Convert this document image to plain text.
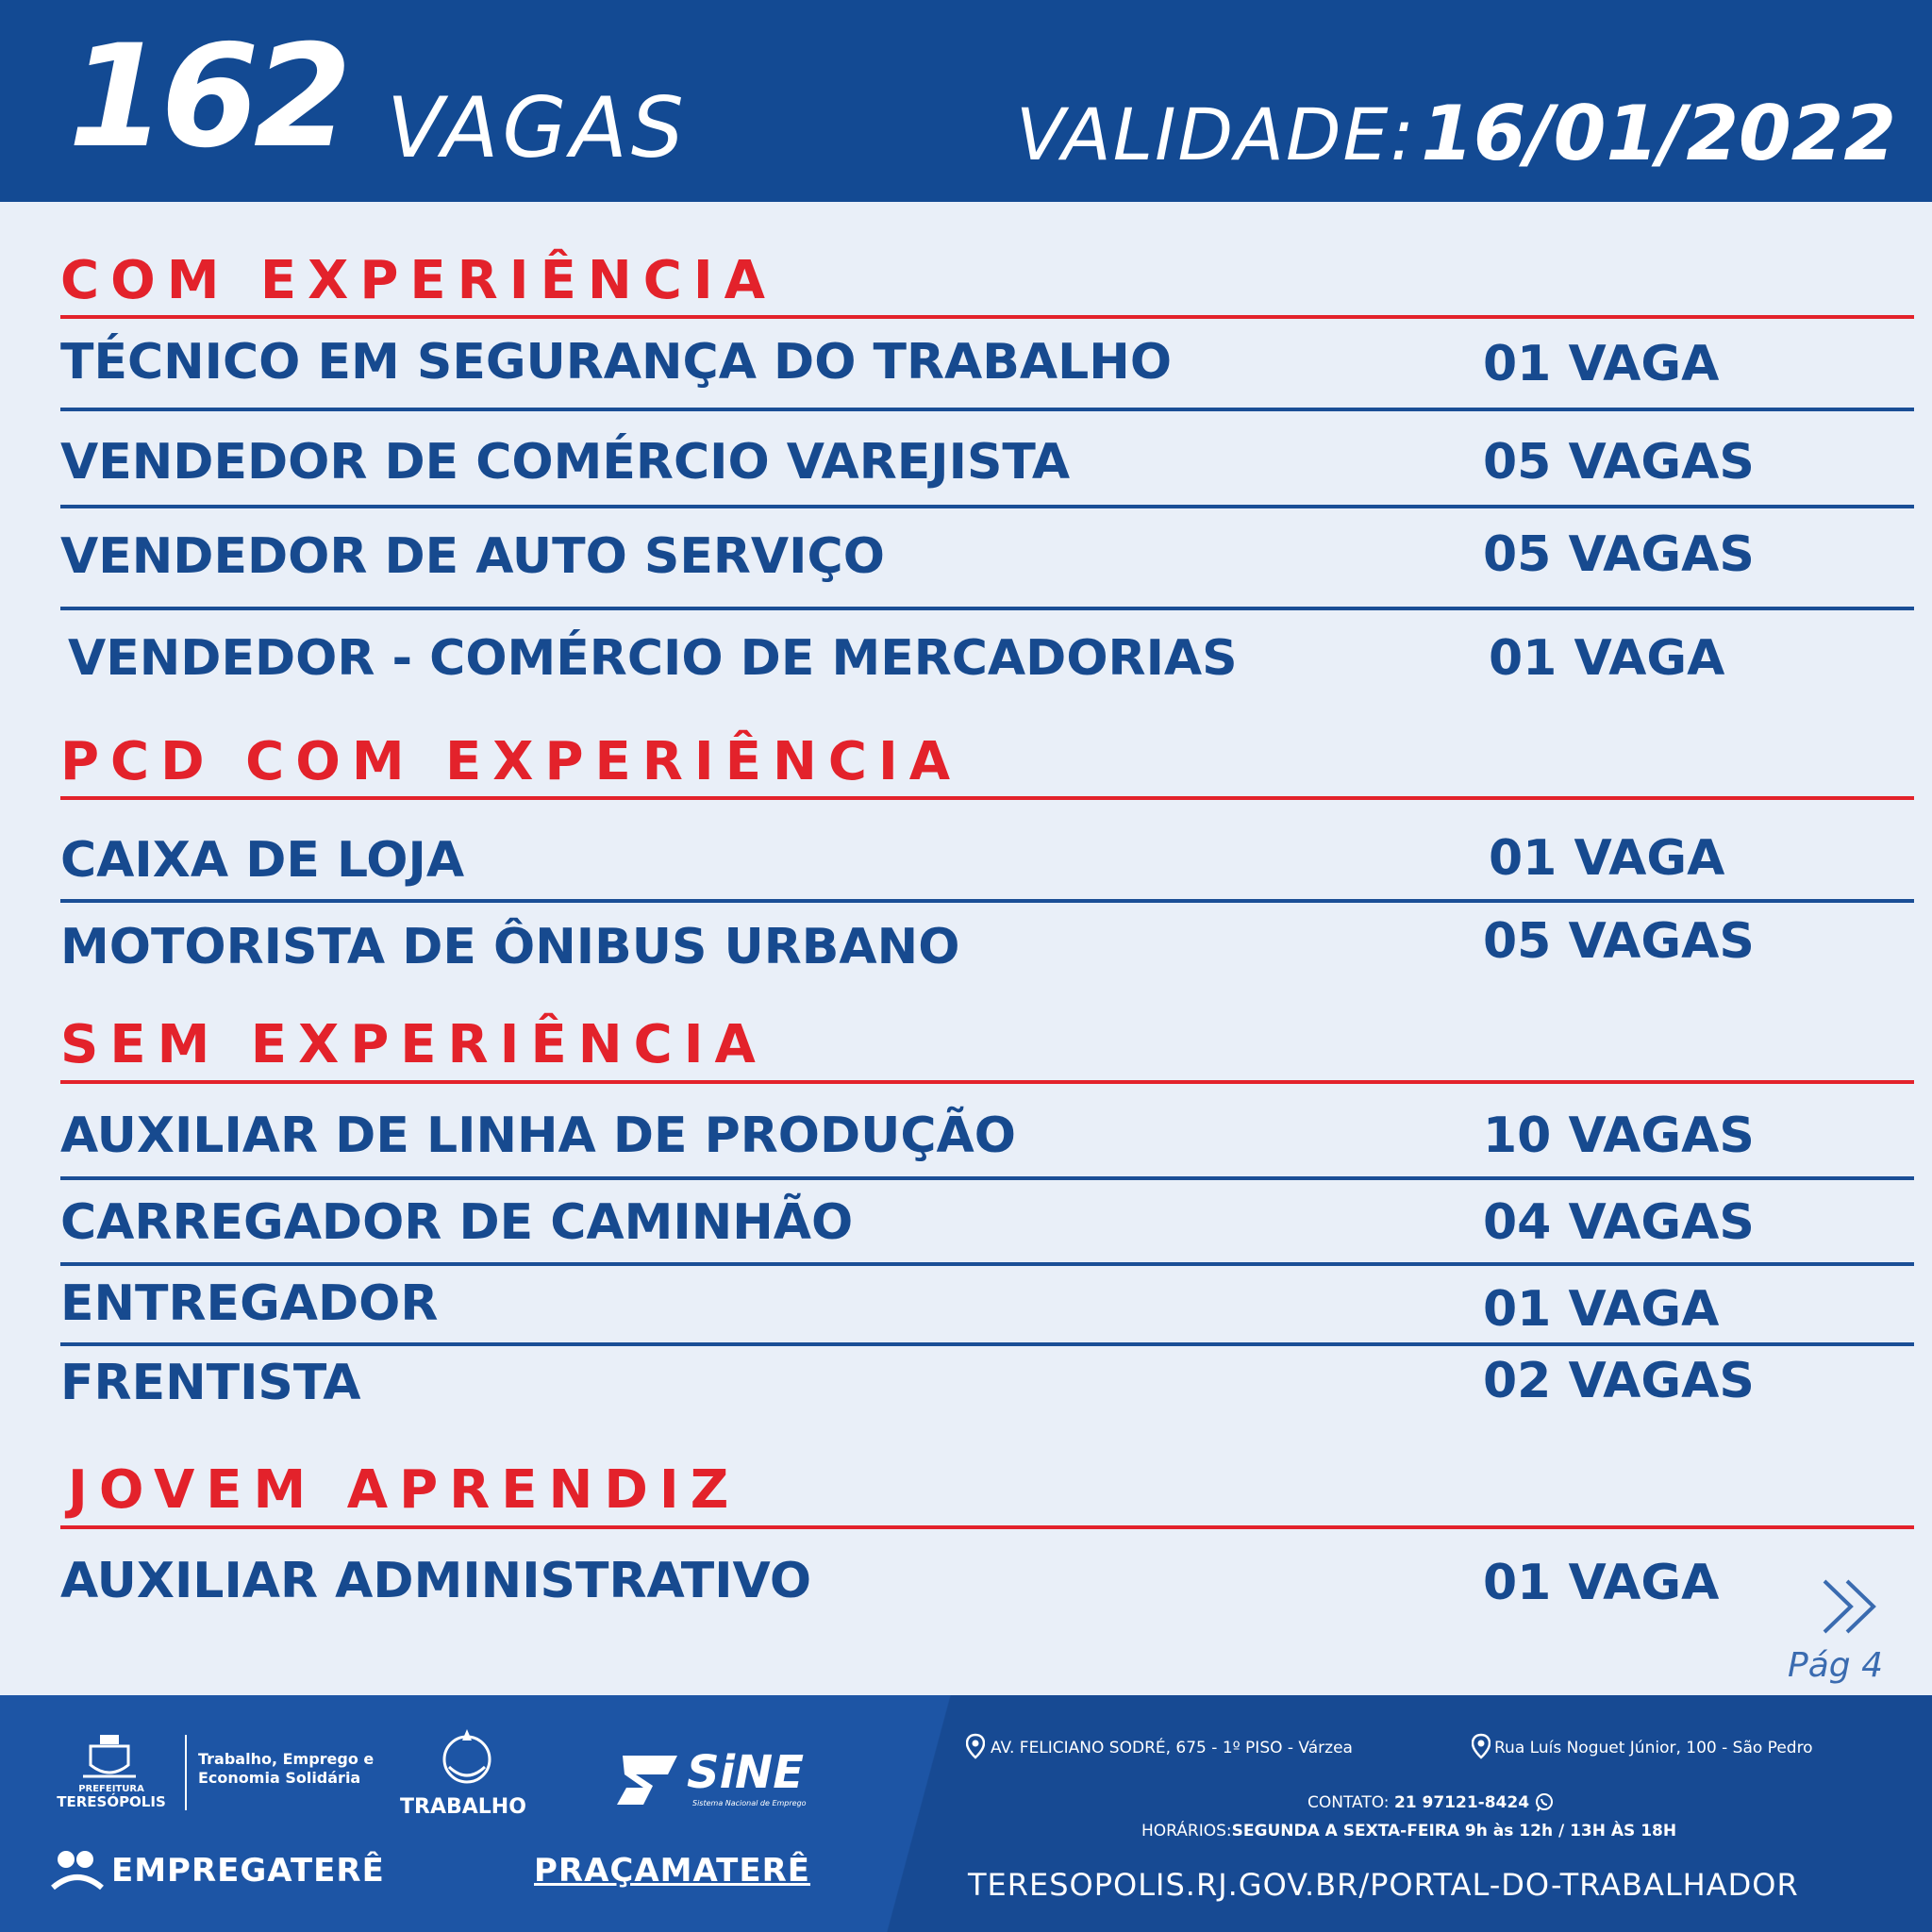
162 VAGAS	VALIDADE: 16/01/2022
COM EXPERIÊNCIA
TÉCNICO EM SEGURANÇA DO TRABALHO	01 VAGA
VENDEDOR DE COMÉRCIO VAREJISTA	05 VAGAS
VENDEDOR DE AUTO SERVIÇO	05 VAGAS
VENDEDOR - COMÉRCIO DE MERCADORIAS	01 VAGA
PCD COM EXPERIÊNCIA
CAIXA DE LOJA	01 VAGA
MOTORISTA DE ÔNIBUS URBANO	05 VAGAS
SEM EXPERIÊNCIA
AUXILIAR DE LINHA DE PRODUÇÃO	10 VAGAS
CARREGADOR DE CAMINHÃO	04 VAGAS
ENTREGADOR	01 VAGA
FRENTISTA	02 VAGAS
JOVEM APRENDIZ
AUXILIAR ADMINISTRATIVO	01 VAGA
Pág 4
PREFEITURA
TERESÓPOLIS
Trabalho, Emprego e Economia Solidária
TRABALHO
SiNE
Sistema Nacional de Emprego
EMPREGATERÊ	PRAÇAMATERÊ
AV. FELICIANO SODRÉ, 675 - 1º PISO - Várzea	Rua Luís Noguet Júnior, 100 - São Pedro
CONTATO: 21 97121-8424
HORÁRIOS:SEGUNDA A SEXTA-FEIRA 9h às 12h / 13H ÀS 18H
TERESOPOLIS.RJ.GOV.BR/PORTAL-DO-TRABALHADOR
